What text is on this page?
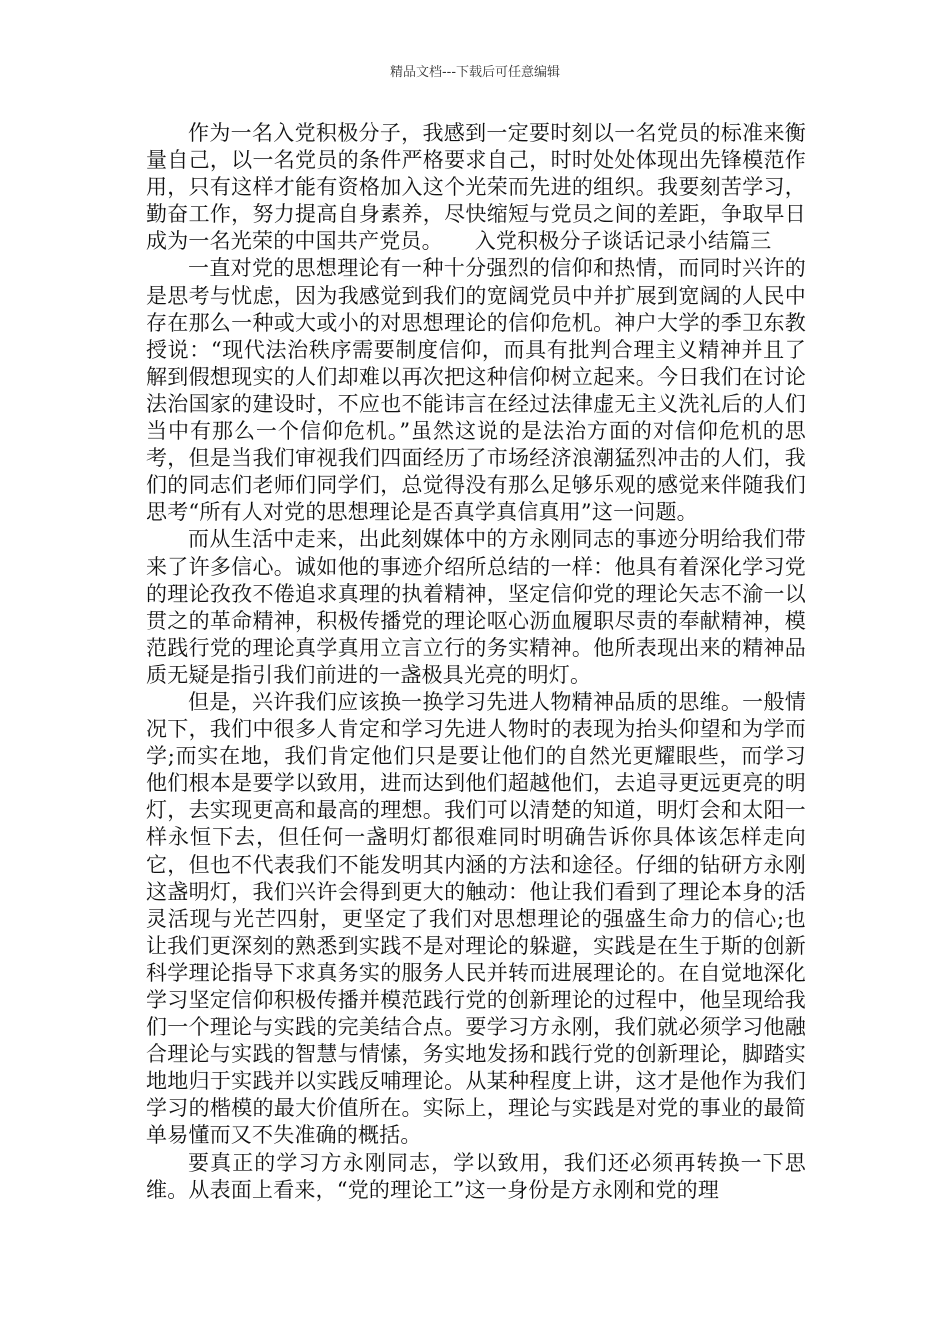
精品文档---下载后可任意编辑

作为一名入党积极分子，我感到一定要时刻以一名党员的标准来衡量自己，以一名党员的条件严格要求自己，时时处处体现出先锋模范作用，只有这样才能有资格加入这个光荣而先进的组织。我要刻苦学习，勤奋工作，努力提高自身素养，尽快缩短与党员之间的差距，争取早日成为一名光荣的中国共产党员。　　入党积极分子谈话记录小结篇三

一直对党的思想理论有一种十分强烈的信仰和热情，而同时兴许的是思考与忧虑，因为我感觉到我们的宽阔党员中并扩展到宽阔的人民中存在那么一种或大或小的对思想理论的信仰危机。神户大学的季卫东教授说：“现代法治秩序需要制度信仰，而具有批判合理主义精神并且了解到假想现实的人们却难以再次把这种信仰树立起来。今日我们在讨论法治国家的建设时，不应也不能讳言在经过法律虚无主义洗礼后的人们当中有那么一个信仰危机。”虽然这说的是法治方面的对信仰危机的思考，但是当我们审视我们四面经历了市场经济浪潮猛烈冲击的人们，我们的同志们老师们同学们，总觉得没有那么足够乐观的感觉来伴随我们思考“所有人对党的思想理论是否真学真信真用”这一问题。

而从生活中走来，出此刻媒体中的方永刚同志的事迹分明给我们带来了许多信心。诚如他的事迹介绍所总结的一样：他具有着深化学习党的理论孜孜不倦追求真理的执着精神，坚定信仰党的理论矢志不渝一以贯之的革命精神，积极传播党的理论呕心沥血履职尽责的奉献精神，模范践行党的理论真学真用立言立行的务实精神。他所表现出来的精神品质无疑是指引我们前进的一盏极具光亮的明灯。

但是，兴许我们应该换一换学习先进人物精神品质的思维。一般情况下，我们中很多人肯定和学习先进人物时的表现为抬头仰望和为学而学;而实在地，我们肯定他们只是要让他们的自然光更耀眼些，而学习他们根本是要学以致用，进而达到他们超越他们，去追寻更远更亮的明灯，去实现更高和最高的理想。我们可以清楚的知道，明灯会和太阳一样永恒下去，但任何一盏明灯都很难同时明确告诉你具体该怎样走向它，但也不代表我们不能发明其内涵的方法和途径。仔细的钻研方永刚这盏明灯，我们兴许会得到更大的触动：他让我们看到了理论本身的活灵活现与光芒四射，更坚定了我们对思想理论的强盛生命力的信心;也让我们更深刻的熟悉到实践不是对理论的躲避，实践是在生于斯的创新科学理论指导下求真务实的服务人民并转而进展理论的。在自觉地深化学习坚定信仰积极传播并模范践行党的创新理论的过程中，他呈现给我们一个理论与实践的完美结合点。要学习方永刚，我们就必须学习他融合理论与实践的智慧与情愫，务实地发扬和践行党的创新理论，脚踏实地地归于实践并以实践反哺理论。从某种程度上讲，这才是他作为我们学习的楷模的最大价值所在。实际上，理论与实践是对党的事业的最简单易懂而又不失准确的概括。

要真正的学习方永刚同志，学以致用，我们还必须再转换一下思维。从表面上看来，“党的理论工”这一身份是方永刚和党的理
